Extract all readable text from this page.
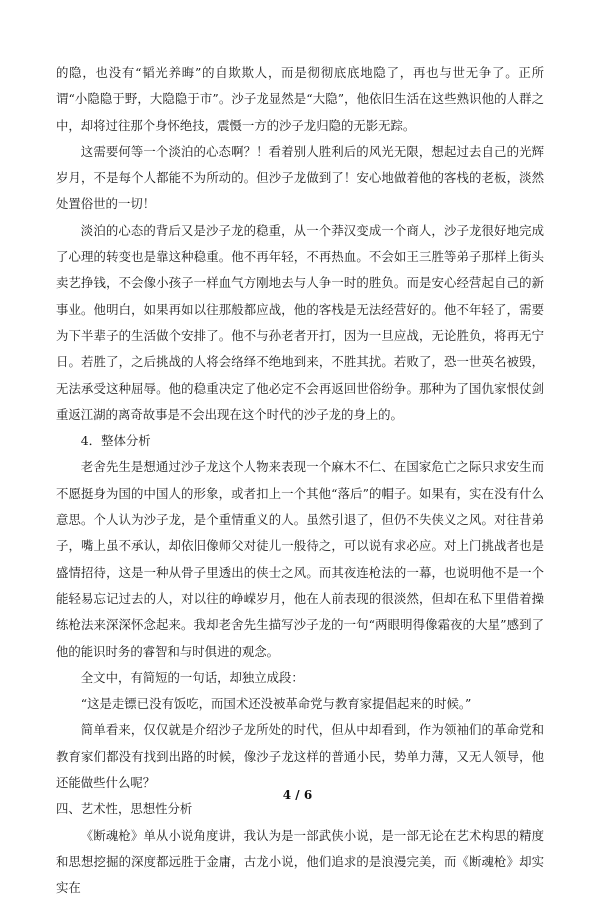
的隐，也没有“韬光养晦”的自欺欺人，而是彻彻底底地隐了，再也与世无争了。正所谓“小隐隐于野，大隐隐于市”。沙子龙显然是“大隐”，他依旧生活在这些熟识他的人群之中，却将过往那个身怀绝技，震慑一方的沙子龙归隐的无影无踪。

这需要何等一个淡泊的心态啊？！看着别人胜利后的风光无限，想起过去自己的光辉岁月，不是每个人都能不为所动的。但沙子龙做到了！安心地做着他的客栈的老板，淡然处置俗世的一切！

淡泊的心态的背后又是沙子龙的稳重，从一个莽汉变成一个商人，沙子龙很好地完成了心理的转变也是靠这种稳重。他不再年轻，不再热血。不会如王三胜等弟子那样上街头卖艺挣钱，不会像小孩子一样血气方刚地去与人争一时的胜负。而是安心经营起自己的新事业。他明白，如果再如以往那般都应战，他的客栈是无法经营好的。他不年轻了，需要为下半辈子的生活做个安排了。他不与孙老者开打，因为一旦应战，无论胜负，将再无宁日。若胜了，之后挑战的人将会络绎不绝地到来，不胜其扰。若败了，恐一世英名被毁，无法承受这种屈辱。他的稳重决定了他必定不会再返回世俗纷争。那种为了国仇家恨仗剑重返江湖的离奇故事是不会出现在这个时代的沙子龙的身上的。

4．整体分析

老舍先生是想通过沙子龙这个人物来表现一个麻木不仁、在国家危亡之际只求安生而不愿挺身为国的中国人的形象，或者扣上一个其他“落后”的帽子。如果有，实在没有什么意思。个人认为沙子龙，是个重情重义的人。虽然引退了，但仍不失侠义之风。对往昔弟子，嘴上虽不承认，却依旧像师父对徒儿一般待之，可以说有求必应。对上门挑战者也是盛情招待，这是一种从骨子里透出的侠士之风。而其夜连枪法的一幕，也说明他不是一个能轻易忘记过去的人，对以往的峥嵘岁月，他在人前表现的很淡然，但却在私下里借着操练枪法来深深怀念起来。我却老舍先生描写沙子龙的一句“两眼明得像霜夜的大星”感到了他的能识时务的睿智和与时俱进的观念。

全文中，有简短的一句话，却独立成段：

“这是走镖已没有饭吃，而国术还没被革命党与教育家提倡起来的时候。”

简单看来，仅仅就是介绍沙子龙所处的时代，但从中却看到，作为领袖们的革命党和教育家们都没有找到出路的时候，像沙子龙这样的普通小民，势单力薄，又无人领导，他还能做些什么呢？

四、艺术性，思想性分析

《断魂枪》单从小说角度讲，我认为是一部武侠小说，是一部无论在艺术构思的精度和思想挖掘的深度都远胜于金庸，古龙小说，他们追求的是浪漫完美，而《断魂枪》却实实在

4 / 6
